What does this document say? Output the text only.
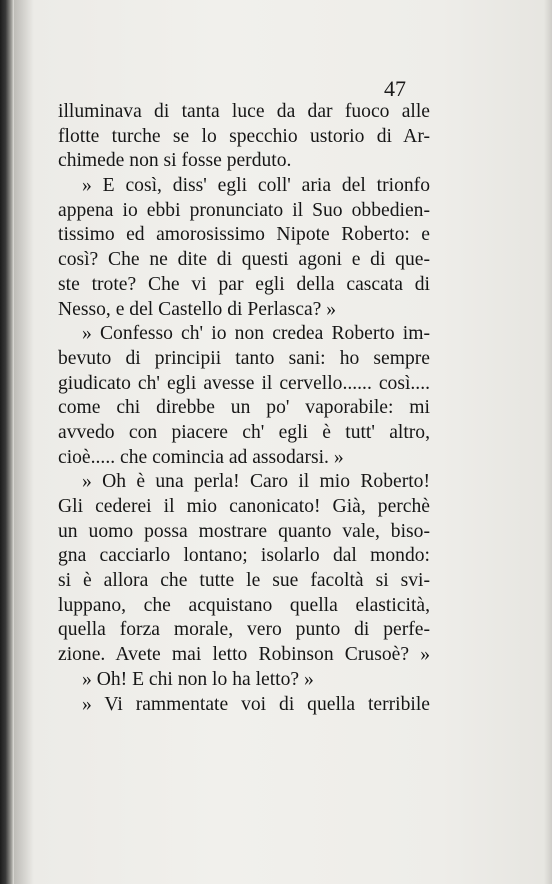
47

illuminava di tanta luce da dar fuoco alle
flotte turche se lo specchio ustorio di Ar-
chimede non si fosse perduto.
» E così, diss' egli coll' aria del trionfo
appena io ebbi pronunciato il Suo obbedien-
tissimo ed amorosissimo Nipote Roberto: e
così? Che ne dite di questi agoni e di que-
ste trote? Che vi par egli della cascata di
Nesso, e del Castello di Perlasca? »
» Confesso ch' io non credea Roberto im-
bevuto di principii tanto sani: ho sempre
giudicato ch' egli avesse il cervello...... così....
come chi direbbe un po' vaporabile: mi
avvedo con piacere ch' egli è tutt' altro,
cioè..... che comincia ad assodarsi. »
» Oh è una perla! Caro il mio Roberto!
Gli cederei il mio canonicato! Già, perchè
un uomo possa mostrare quanto vale, biso-
gna cacciarlo lontano; isolarlo dal mondo:
si è allora che tutte le sue facoltà si svi-
luppano, che acquistano quella elasticità,
quella forza morale, vero punto di perfe-
zione. Avete mai letto Robinson Crusoè? »
» Oh! E chi non lo ha letto? »
» Vi rammentate voi di quella terribile
